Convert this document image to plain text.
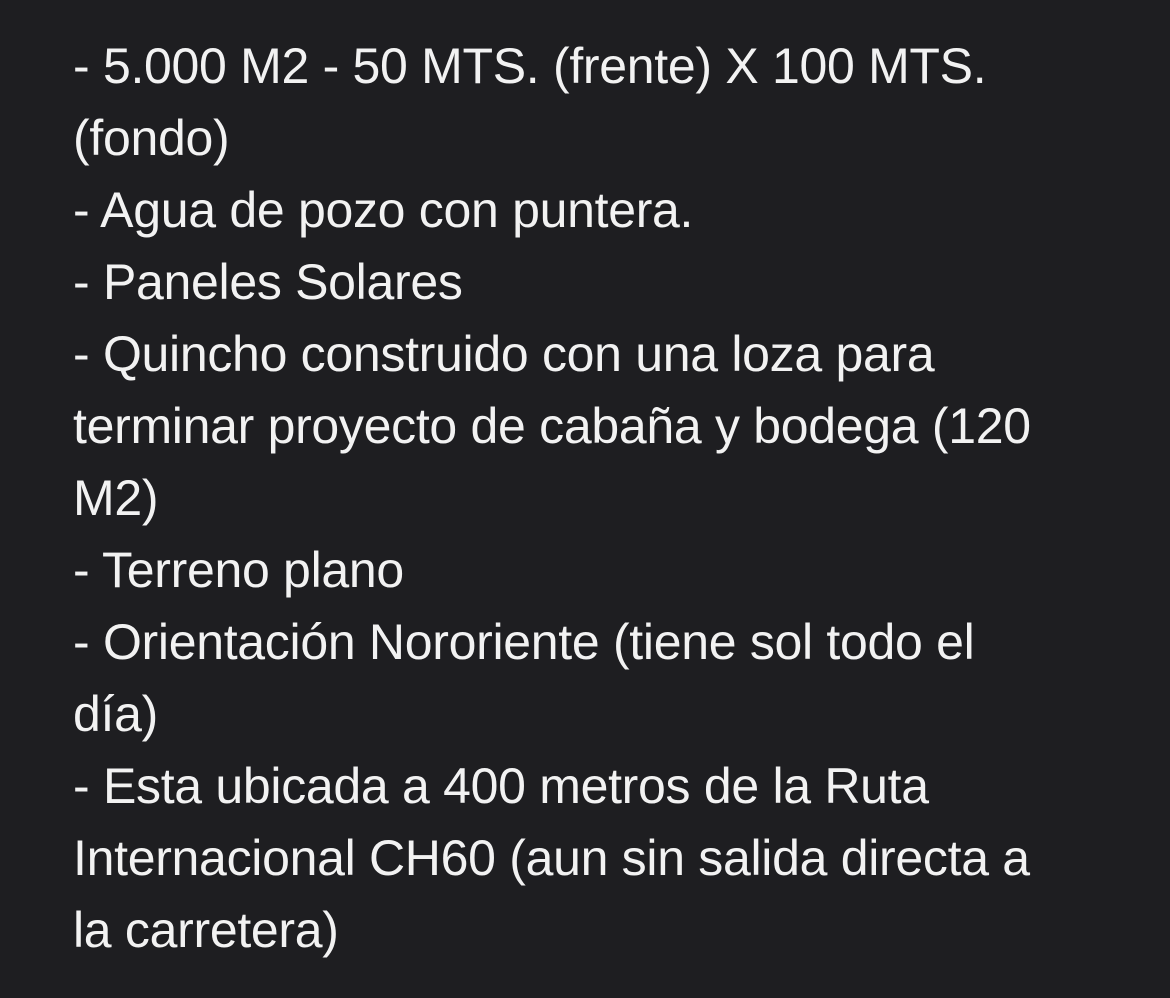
- 5.000 M2 - 50 MTS. (frente) X 100 MTS.
(fondo)
- Agua de pozo con puntera.
- Paneles Solares
- Quincho construido con una loza para
terminar proyecto de cabaña y bodega (120
M2)
- Terreno plano
- Orientación Nororiente (tiene sol todo el
día)
- Esta ubicada a 400 metros de la Ruta
Internacional CH60 (aun sin salida directa a
la carretera)
